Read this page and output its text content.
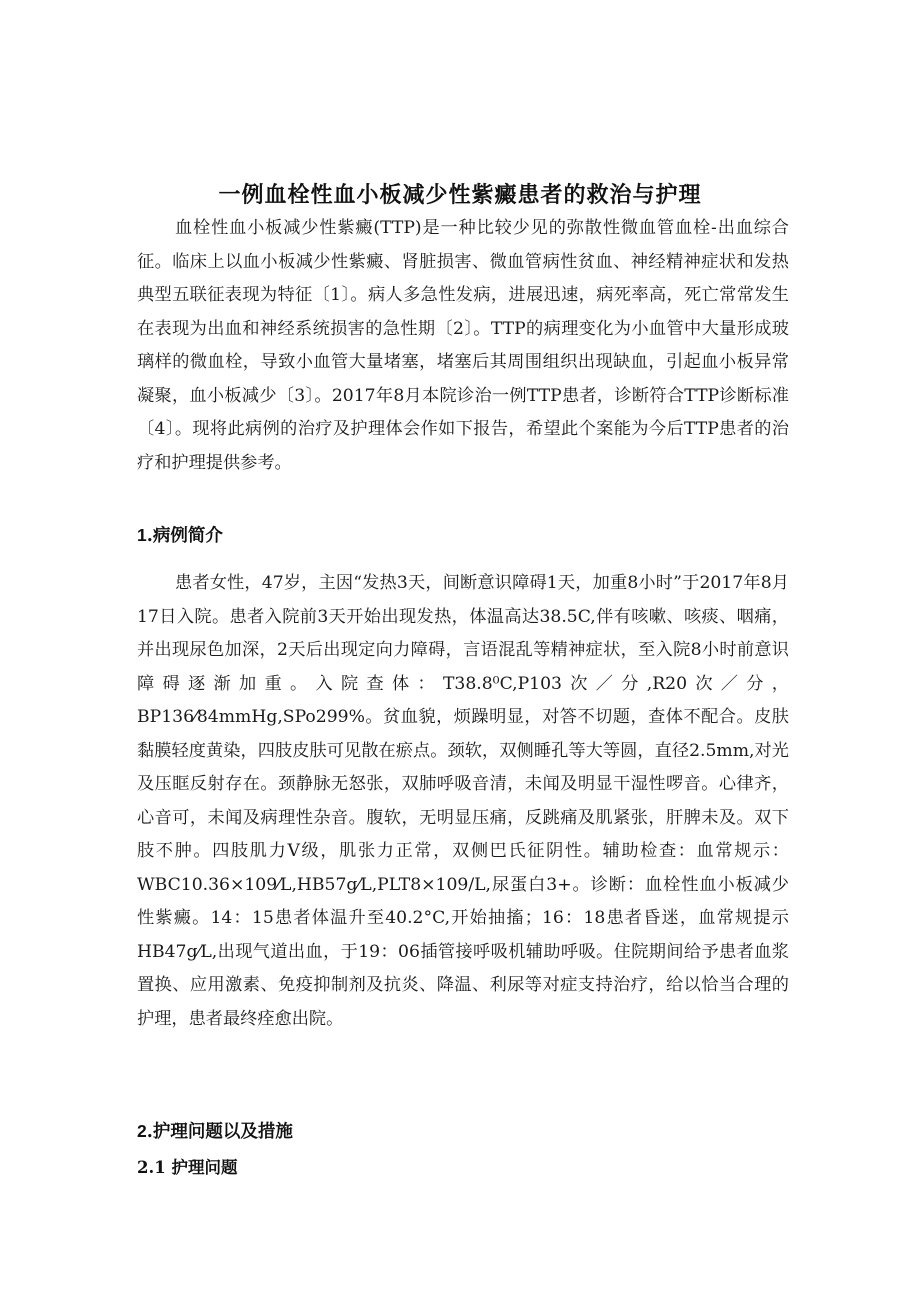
一例血栓性血小板减少性紫癜患者的救治与护理

血栓性血小板减少性紫癜(TTP)是一种比较少见的弥散性微血管血栓-出血综合征。临床上以血小板减少性紫癜、肾脏损害、微血管病性贫血、神经精神症状和发热典型五联征表现为特征〔1〕。病人多急性发病，进展迅速，病死率高，死亡常常发生在表现为出血和神经系统损害的急性期〔2〕。TTP的病理变化为小血管中大量形成玻璃样的微血栓，导致小血管大量堵塞，堵塞后其周围组织出现缺血，引起血小板异常凝聚，血小板减少〔3〕。2017年8月本院诊治一例TTP患者，诊断符合TTP诊断标准〔4〕。现将此病例的治疗及护理体会作如下报告，希望此个案能为今后TTP患者的治疗和护理提供参考。

1.病例简介

患者女性，47岁，主因“发热3天，间断意识障碍1天，加重8小时”于2017年8月17日入院。患者入院前3天开始出现发热，体温高达38.5C,伴有咳嗽、咳痰、咽痛，并出现尿色加深，2天后出现定向力障碍，言语混乱等精神症状，至入院8小时前意识障碍逐渐加重。入院查体：T38.8⁰C,P103次／分,R20次／分，BP136⁄84mmHg,SPo299%。贫血貌，烦躁明显，对答不切题，查体不配合。皮肤黏膜轻度黄染，四肢皮肤可见散在瘀点。颈软，双侧睡孔等大等圆，直径2.5mm,对光及压眶反射存在。颈静脉无怒张，双肺呼吸音清，未闻及明显干湿性啰音。心律齐，心音可，未闻及病理性杂音。腹软，无明显压痛，反跳痛及肌紧张，肝脾未及。双下肢不肿。四肢肌力V级，肌张力正常，双侧巴氏征阴性。辅助检查：血常规示：WBC10.36×109⁄L,HB57g⁄L,PLT8×109/L,尿蛋白3+。诊断：血栓性血小板减少性紫癜。14：15患者体温升至40.2°C,开始抽搐；16：18患者昏迷，血常规提示HB47g⁄L,出现气道出血，于19：06插管接呼吸机辅助呼吸。住院期间给予患者血浆置换、应用激素、免疫抑制剂及抗炎、降温、利尿等对症支持治疗，给以恰当合理的护理，患者最终痊愈出院。

2.护理问题以及措施
2.1 护理问题
